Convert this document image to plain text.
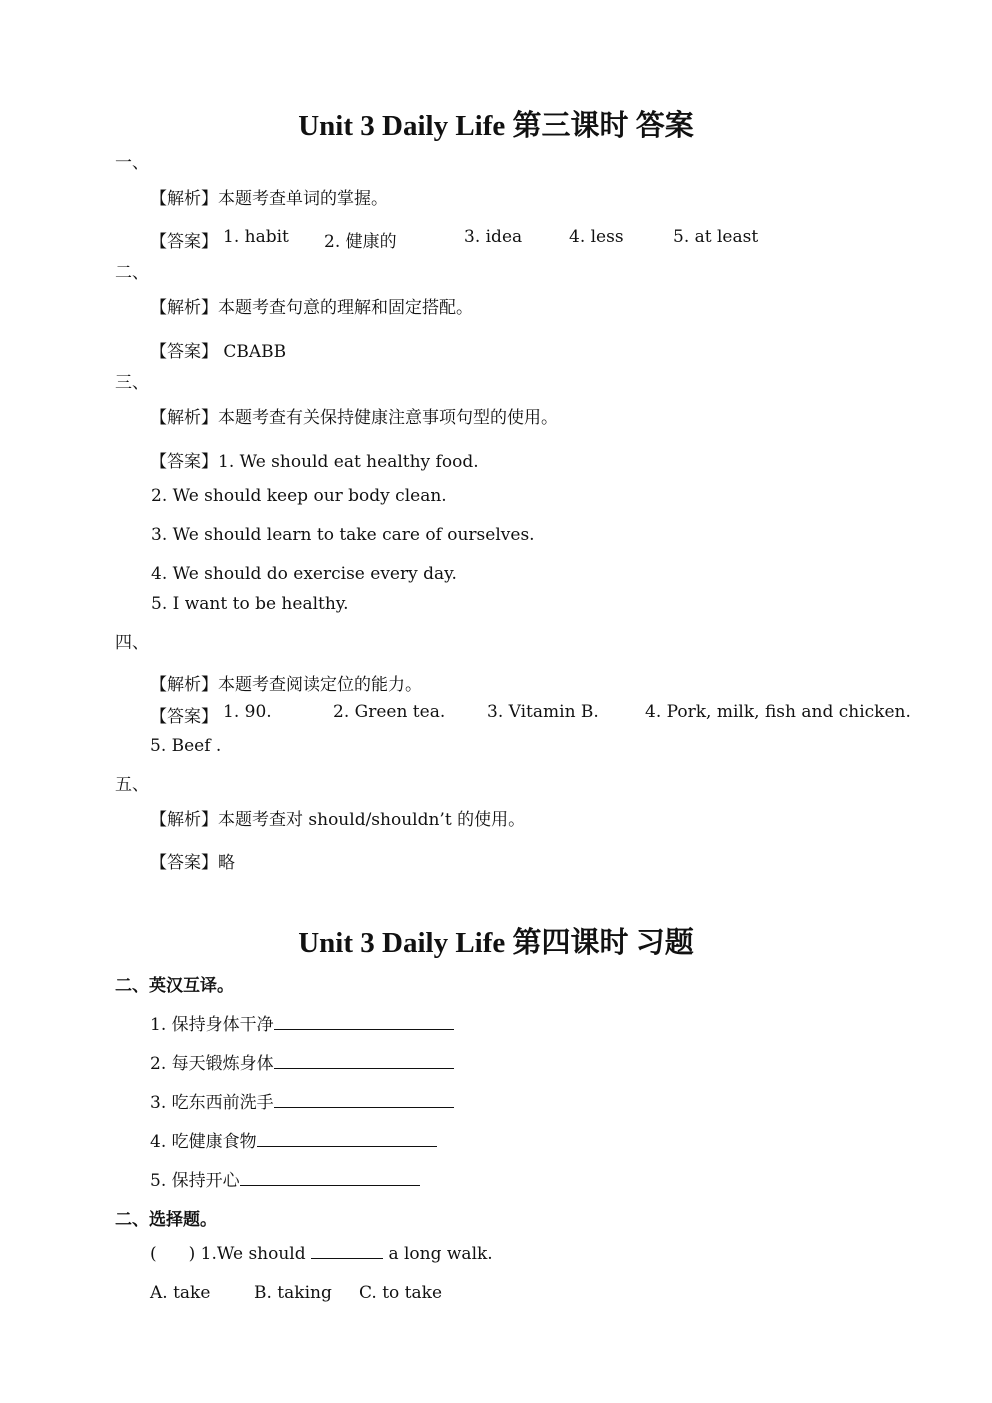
Unit 3 Daily Life 第三课时 答案
一、
【解析】本题考查单词的掌握。
【答案】 1. habit 2. 健康的	3. idea	4. less	5. at least
二、
【解析】本题考查句意的理解和固定搭配。
【答案】 CBABB
三、
【解析】本题考查有关保持健康注意事项句型的使用。
【答案】1. We should eat healthy food.
2. We should keep our body clean.
3. We should learn to take care of ourselves.
4. We should do exercise every day.
5. I want to be healthy.
四、
【解析】本题考查阅读定位的能力。
【答案】 1. 90.	2. Green tea. 3. Vitamin B.	4. Pork, milk, fish and chicken.
5. Beef .
五、
【解析】本题考查对 should/shouldn’t 的使用。
【答案】略
Unit 3 Daily Life 第四课时 习题
二、英汉互译。
1. 保持身体干净
2. 每天锻炼身体
3. 吃东西前洗手
4. 吃健康食物
5. 保持开心
二、选择题。
( ) 1.We should	a long walk.
A. take	B. taking C. to take
